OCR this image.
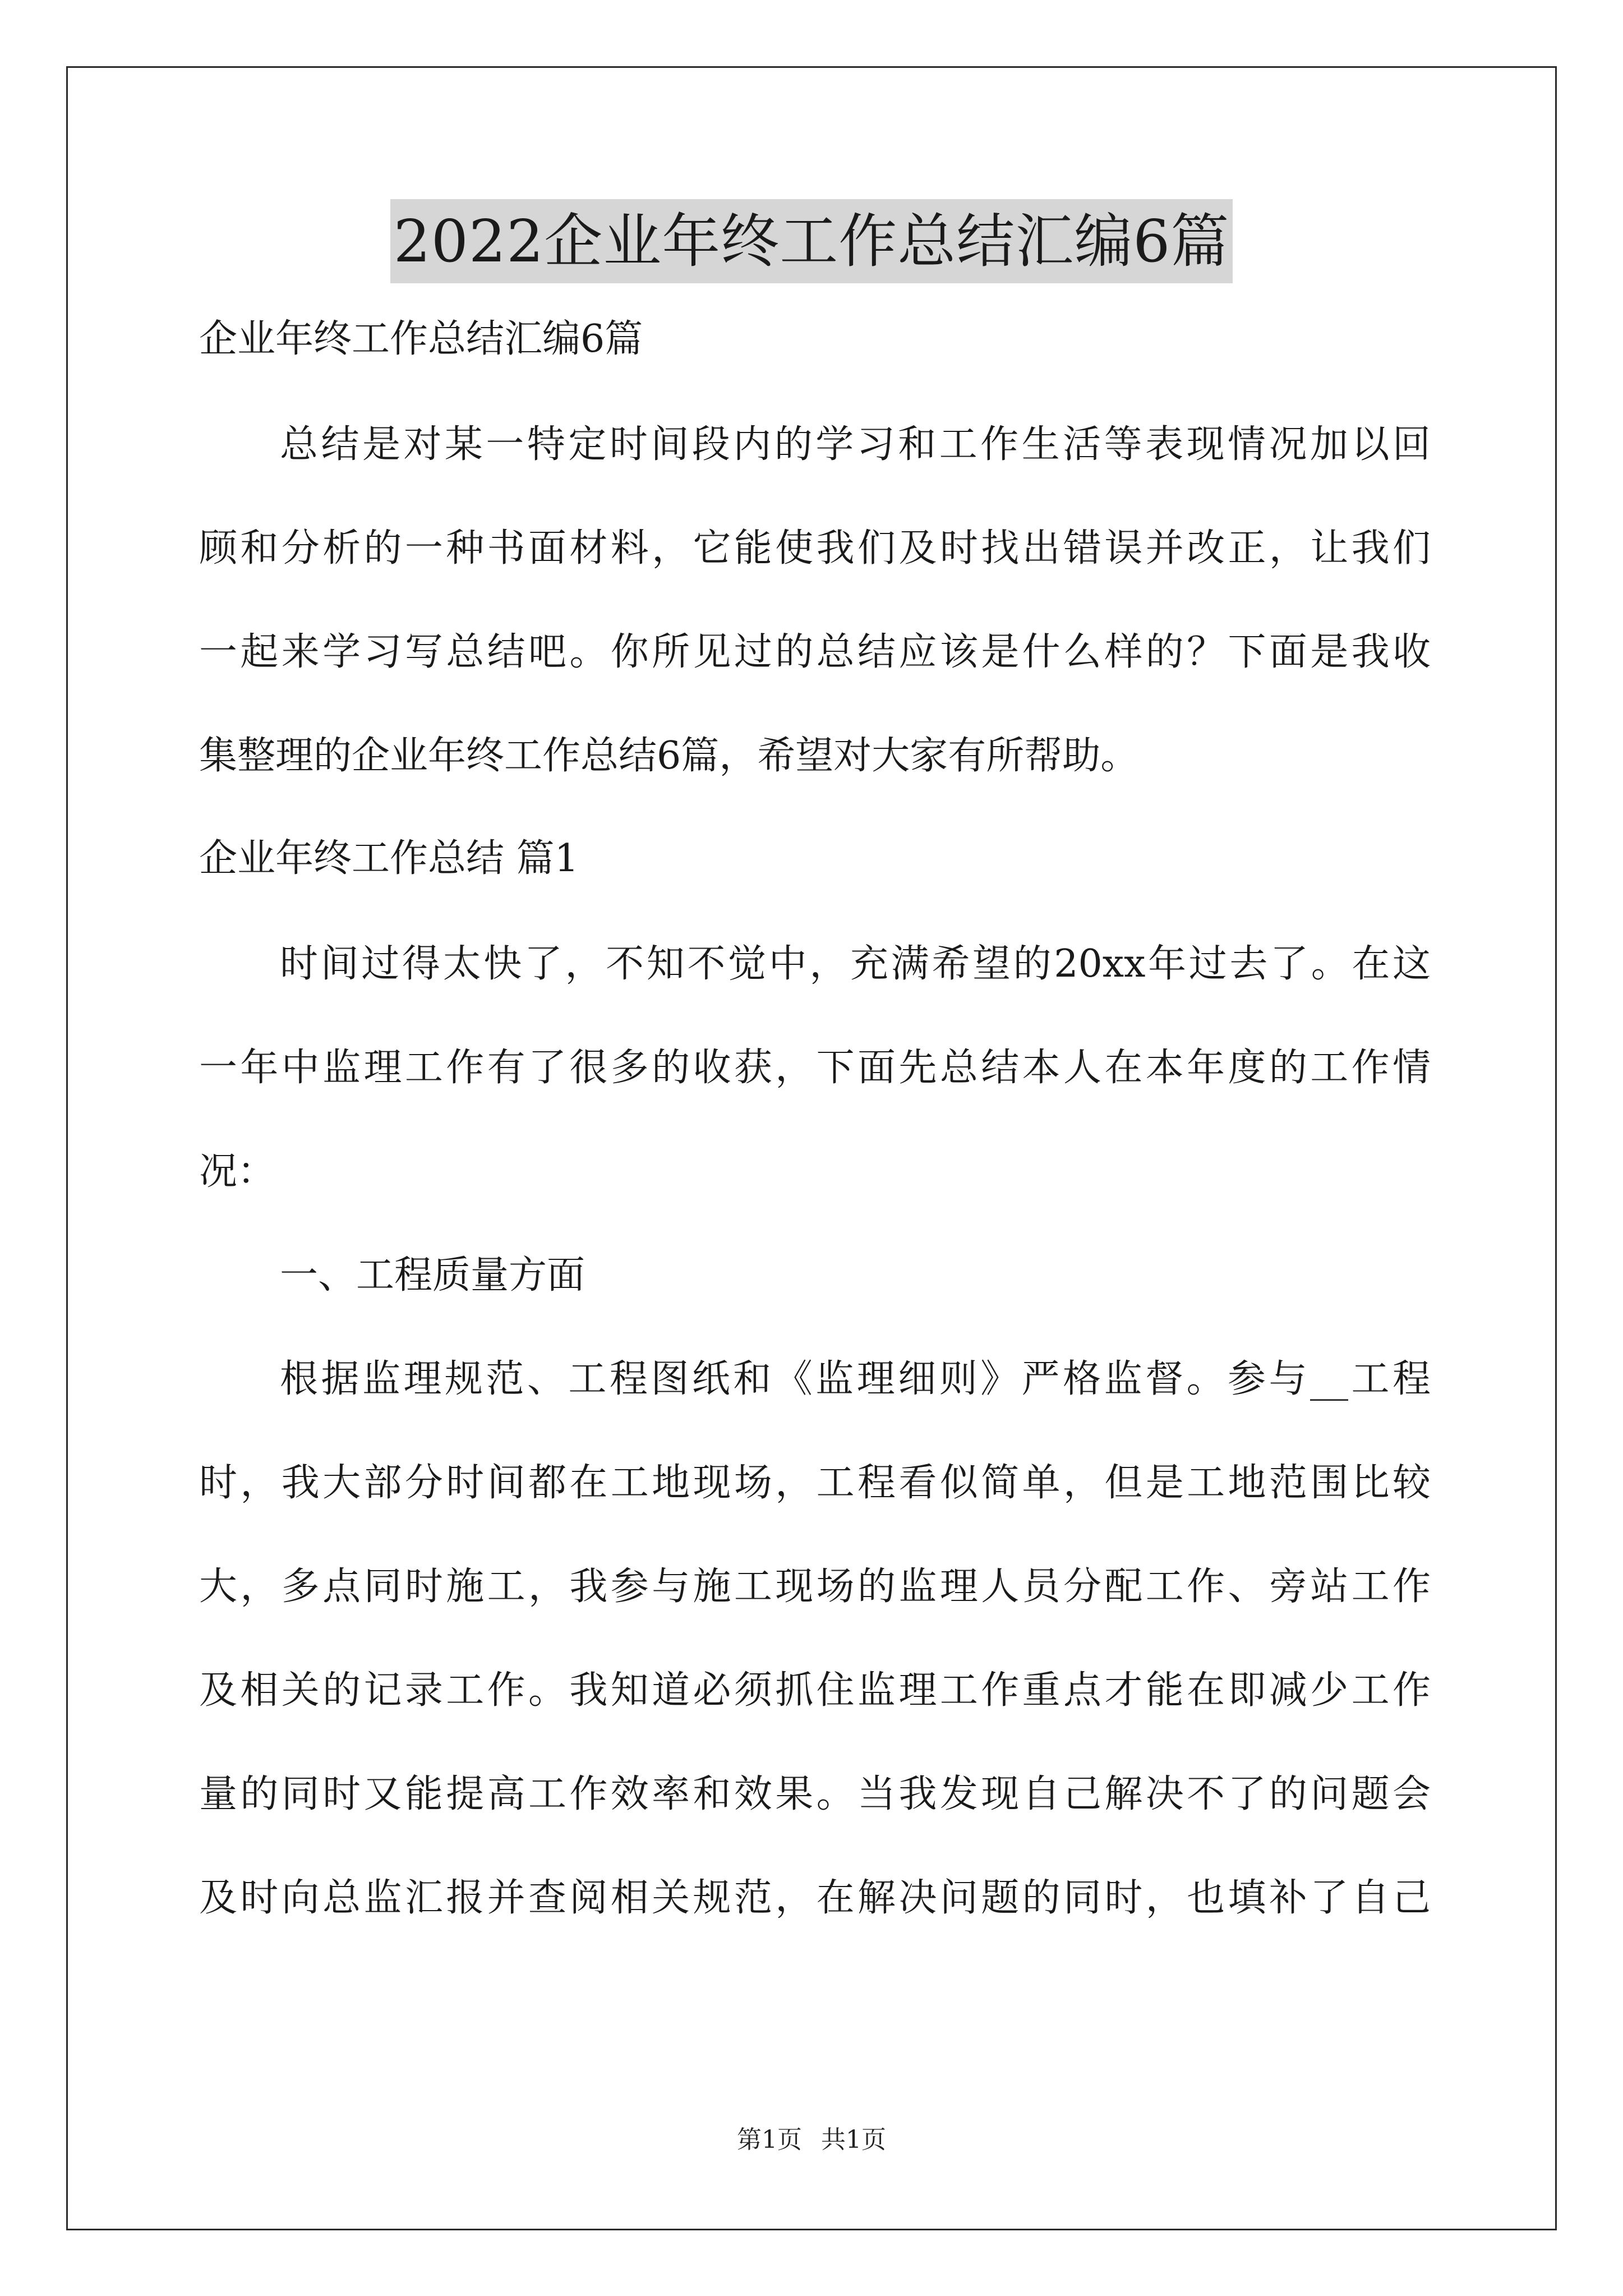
2022企业年终工作总结汇编6篇
企业年终工作总结汇编6篇
总结是对某一特定时间段内的学习和工作生活等表现情况加以回
顾和分析的一种书面材料，它能使我们及时找出错误并改正，让我们
一起来学习写总结吧。你所见过的总结应该是什么样的？下面是我收
集整理的企业年终工作总结6篇，希望对大家有所帮助。
企业年终工作总结 篇1
时间过得太快了，不知不觉中，充满希望的20xx年过去了。在这
一年中监理工作有了很多的收获，下面先总结本人在本年度的工作情
况：
一、工程质量方面
根据监理规范、工程图纸和《监理细则》严格监督。参与__工程
时，我大部分时间都在工地现场，工程看似简单，但是工地范围比较
大，多点同时施工，我参与施工现场的监理人员分配工作、旁站工作
及相关的记录工作。我知道必须抓住监理工作重点才能在即减少工作
量的同时又能提高工作效率和效果。当我发现自己解决不了的问题会
及时向总监汇报并查阅相关规范，在解决问题的同时，也填补了自己
第1页 共1页
